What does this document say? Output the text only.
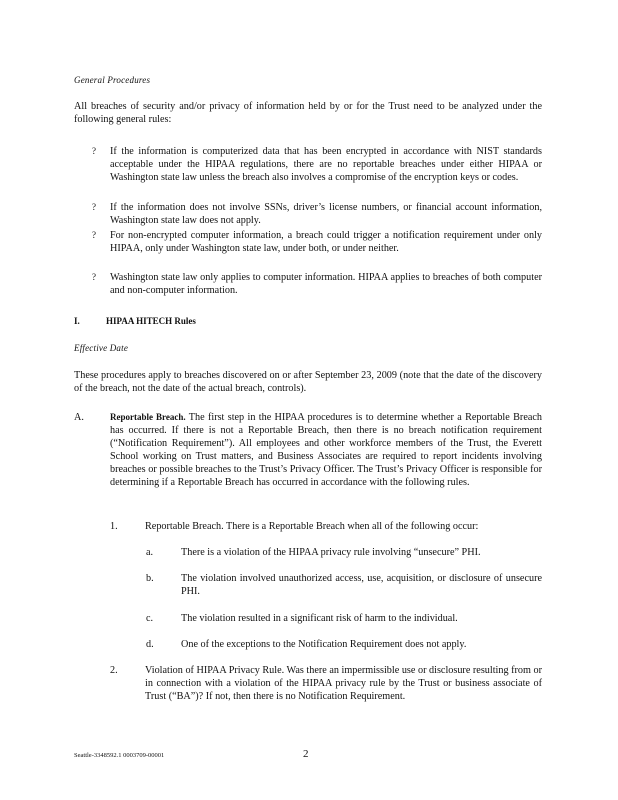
General Procedures

All breaches of security and/or privacy of information held by or for the Trust need to be analyzed under the following general rules:

? If the information is computerized data that has been encrypted in accordance with NIST standards acceptable under the HIPAA regulations, there are no reportable breaches under either HIPAA or Washington state law unless the breach also involves a compromise of the encryption keys or codes.

? If the information does not involve SSNs, driver’s license numbers, or financial account information, Washington state law does not apply.

? For non-encrypted computer information, a breach could trigger a notification requirement under only HIPAA, only under Washington state law, under both, or under neither.

? Washington state law only applies to computer information. HIPAA applies to breaches of both computer and non-computer information.

I.	HIPAA HITECH Rules
Effective Date

These procedures apply to breaches discovered on or after September 23, 2009 (note that the date of the discovery of the breach, not the date of the actual breach, controls).

A.	Reportable Breach. The first step in the HIPAA procedures is to determine whether a Reportable Breach has occurred. If there is not a Reportable Breach, then there is no breach notification requirement (“Notification Requirement”). All employees and other workforce members of the Trust, the Everett School working on Trust matters, and Business Associates are required to report incidents involving breaches or possible breaches to the Trust’s Privacy Officer. The Trust’s Privacy Officer is responsible for determining if a Reportable Breach has occurred in accordance with the following rules.

1.	Reportable Breach. There is a Reportable Breach when all of the following occur:

a.	There is a violation of the HIPAA privacy rule involving “unsecure” PHI.

b.	The violation involved unauthorized access, use, acquisition, or disclosure of unsecure PHI.

c.	The violation resulted in a significant risk of harm to the individual.

d.	One of the exceptions to the Notification Requirement does not apply.

2.	Violation of HIPAA Privacy Rule. Was there an impermissible use or disclosure resulting from or in connection with a violation of the HIPAA privacy rule by the Trust or business associate of Trust (“BA”)? If not, then there is no Notification Requirement.

Seattle-3348592.1 0003709-00001	2
